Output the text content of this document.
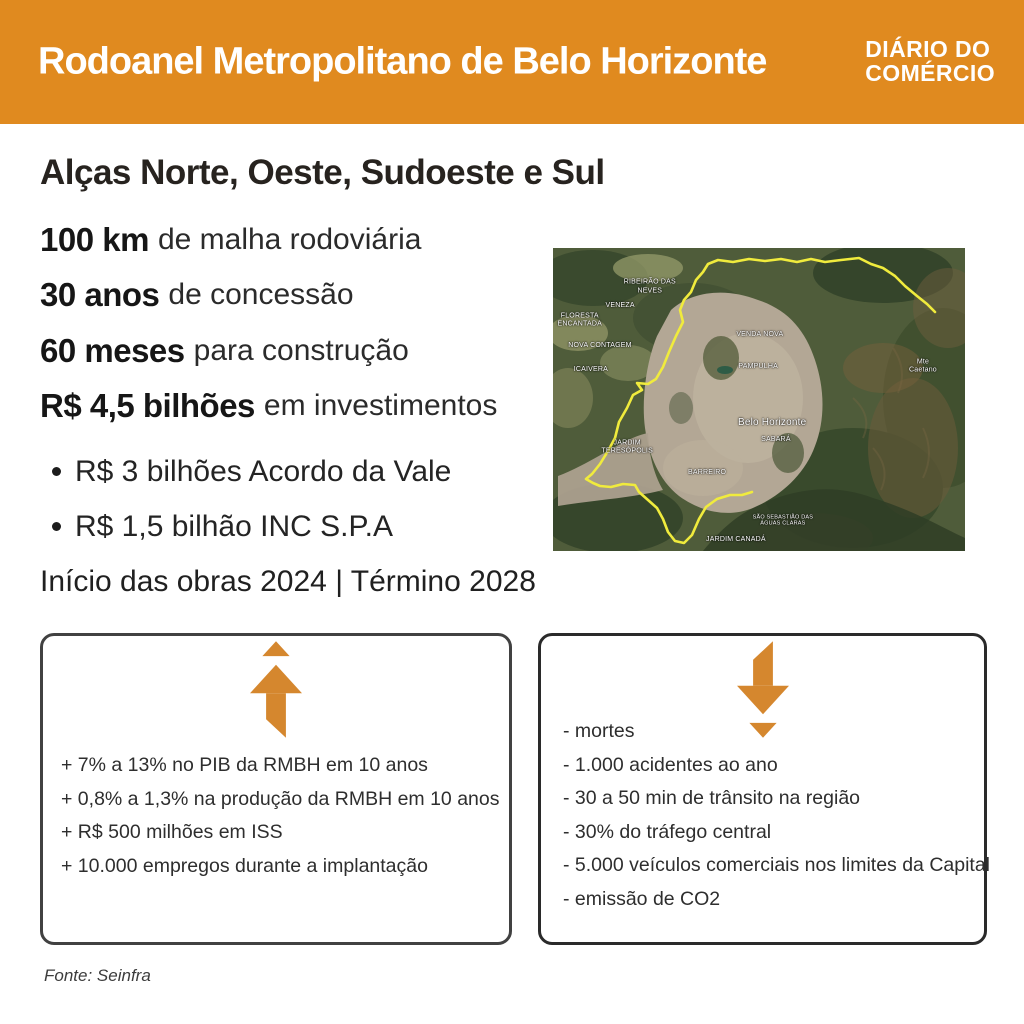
Rodoanel Metropolitano de Belo Horizonte	DIÁRIO DO
COMÉRCIO
Alças Norte, Oeste, Sudoeste e Sul
100 km de malha rodoviária
30 anos de concessão
60 meses para construção
R$ 4,5 bilhões em investimentos
R$ 3 bilhões Acordo da Vale
R$ 1,5 bilhão INC S.P.A
Início das obras 2024 | Término 2028
RIBEIRÃO DAS NEVES
VENEZA
FLORESTA ENCANTADA
NOVA CONTAGEM
ICAIVERA
VENDA NOVA
PAMPULHA
Belo Horizonte
SABARÁ
BARREIRO
JARDIM TERESÓPOLIS
SÃO SEBASTIÃO DAS ÁGUAS CLARAS
JARDIM CANADÁ
Mte Caetano
+ 7% a 13% no PIB da RMBH em 10 anos
+ 0,8% a 1,3% na produção da RMBH em 10 anos
+ R$ 500 milhões em ISS
+ 10.000 empregos durante a implantação
- mortes
- 1.000 acidentes ao ano
- 30 a 50 min de trânsito na região
- 30% do tráfego central
- 5.000 veículos comerciais nos limites da Capital
- emissão de CO2
Fonte: Seinfra
